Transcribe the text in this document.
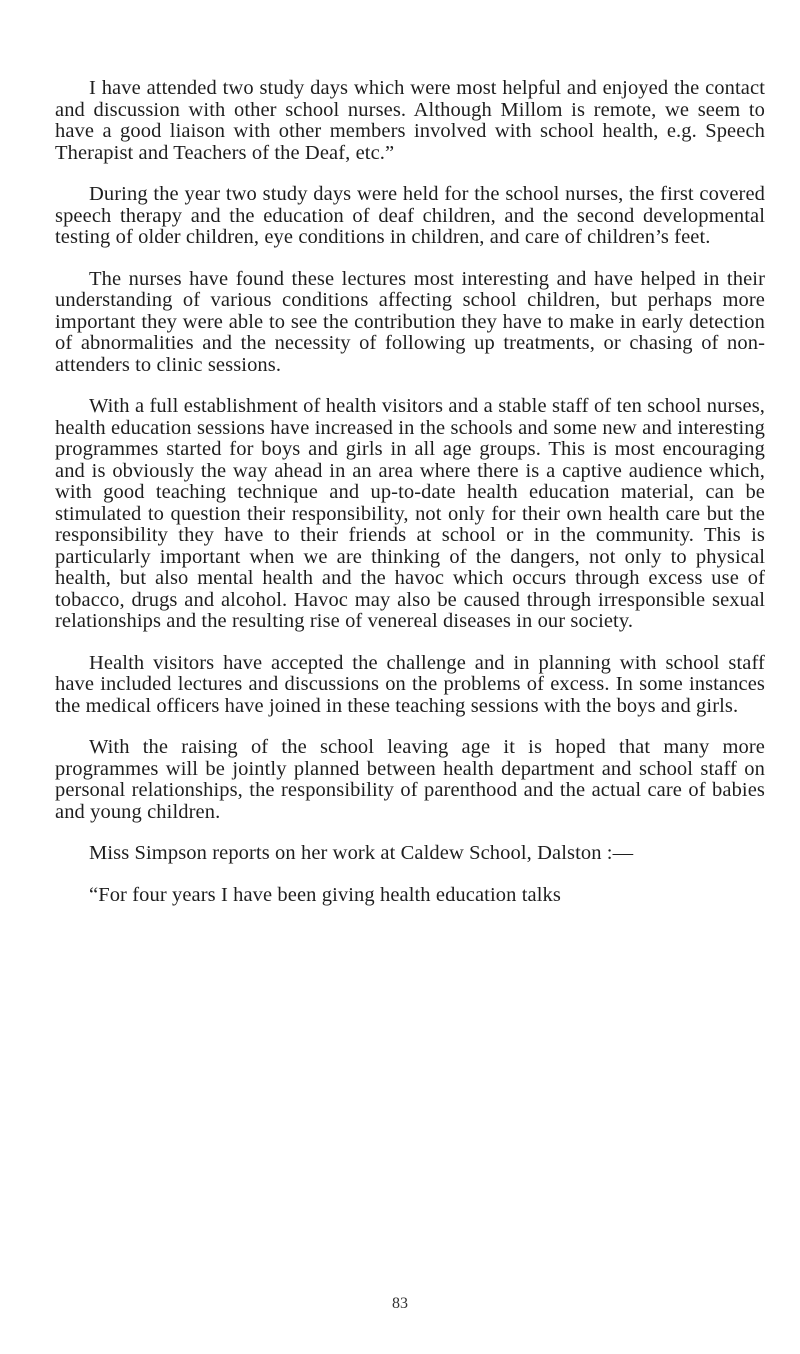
I have attended two study days which were most helpful and enjoyed the contact and discussion with other school nurses. Although Millom is remote, we seem to have a good liaison with other members involved with school health, e.g. Speech Therapist and Teachers of the Deaf, etc.”

During the year two study days were held for the school nurses, the first covered speech therapy and the education of deaf children, and the second developmental testing of older children, eye conditions in children, and care of children’s feet.

The nurses have found these lectures most interesting and have helped in their understanding of various conditions affecting school children, but perhaps more important they were able to see the contribution they have to make in early detection of abnormalities and the necessity of following up treatments, or chasing of non-attenders to clinic sessions.

With a full establishment of health visitors and a stable staff of ten school nurses, health education sessions have increased in the schools and some new and interesting programmes started for boys and girls in all age groups. This is most encouraging and is obviously the way ahead in an area where there is a captive audience which, with good teaching technique and up-to-date health education material, can be stimulated to question their responsibility, not only for their own health care but the responsibility they have to their friends at school or in the community. This is particularly important when we are thinking of the dangers, not only to physical health, but also mental health and the havoc which occurs through excess use of tobacco, drugs and alcohol. Havoc may also be caused through irresponsible sexual relationships and the resulting rise of venereal diseases in our society.

Health visitors have accepted the challenge and in planning with school staff have included lectures and discussions on the problems of excess. In some instances the medical officers have joined in these teaching sessions with the boys and girls.

With the raising of the school leaving age it is hoped that many more programmes will be jointly planned between health department and school staff on personal relationships, the responsibility of parenthood and the actual care of babies and young children.

Miss Simpson reports on her work at Caldew School, Dalston :—

“For four years I have been giving health education talks

83
